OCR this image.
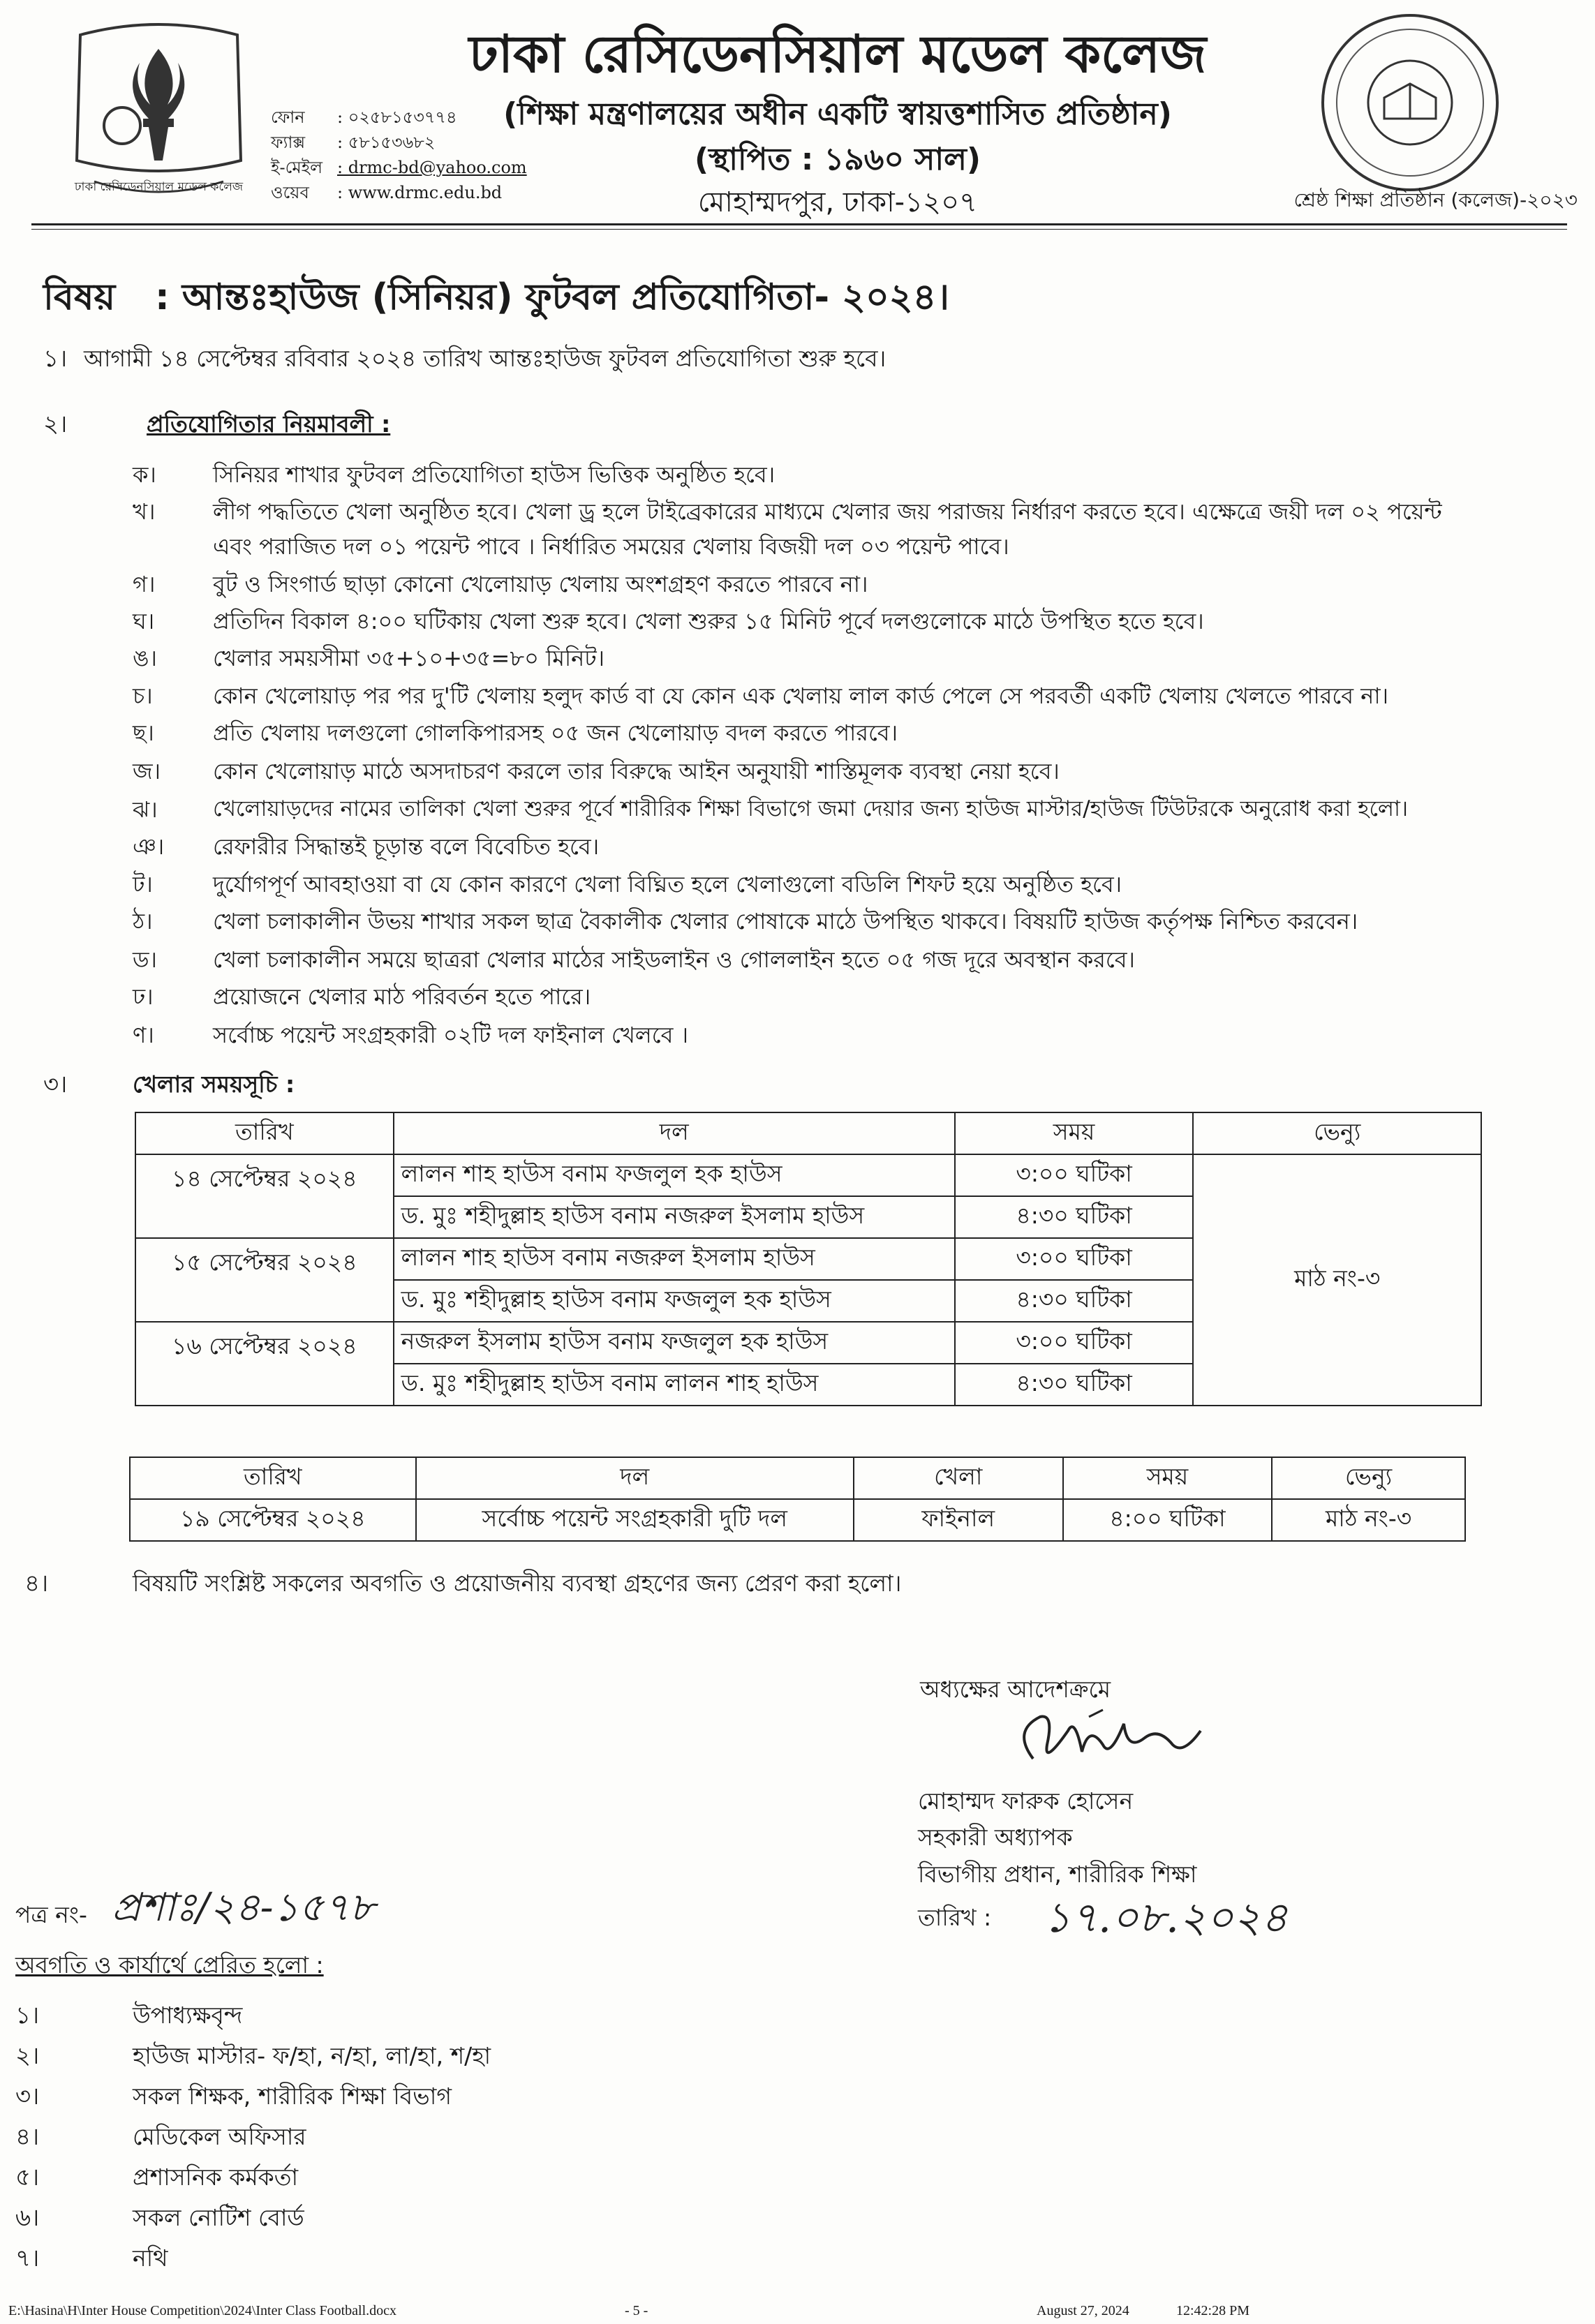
ঢাকা রেসিডেনসিয়াল মডেল কলেজ
ঢাকা রেসিডেনসিয়াল মডেল কলেজ
(শিক্ষা মন্ত্রণালয়ের অধীন একটি স্বায়ত্তশাসিত প্রতিষ্ঠান)
(স্থাপিত : ১৯৬০ সাল)
মোহাম্মদপুর, ঢাকা-১২০৭
ফোন	: ০২৫৮১৫৩৭৭৪
ফ্যাক্স	: ৫৮১৫৩৬৮২
ই-মেইল : drmc-bd@yahoo.com
ওয়েব	: www.drmc.edu.bd	শ্রেষ্ঠ শিক্ষা প্রতিষ্ঠান (কলেজ)-২০২৩
বিষয় : আন্তঃহাউজ (সিনিয়র) ফুটবল প্রতিযোগিতা- ২০২৪।
১। আগামী ১৪ সেপ্টেম্বর রবিবার ২০২৪ তারিখ আন্তঃহাউজ ফুটবল প্রতিযোগিতা শুরু হবে।
২।	প্রতিযোগিতার নিয়মাবলী :
ক।	সিনিয়র শাখার ফুটবল প্রতিযোগিতা হাউস ভিত্তিক অনুষ্ঠিত হবে।
খ।	লীগ পদ্ধতিতে খেলা অনুষ্ঠিত হবে। খেলা ড্র হলে টাইব্রেকারের মাধ্যমে খেলার জয় পরাজয় নির্ধারণ করতে হবে। এক্ষেত্রে জয়ী দল ০২ পয়েন্ট
এবং পরাজিত দল ০১ পয়েন্ট পাবে । নির্ধারিত সময়ের খেলায় বিজয়ী দল ০৩ পয়েন্ট পাবে।
গ।	বুট ও সিংগার্ড ছাড়া কোনো খেলোয়াড় খেলায় অংশগ্রহণ করতে পারবে না।
ঘ।	প্রতিদিন বিকাল ৪:০০ ঘটিকায় খেলা শুরু হবে। খেলা শুরুর ১৫ মিনিট পূর্বে দলগুলোকে মাঠে উপস্থিত হতে হবে।
ঙ।	খেলার সময়সীমা ৩৫+১০+৩৫=৮০ মিনিট।
চ।	কোন খেলোয়াড় পর পর দু'টি খেলায় হলুদ কার্ড বা যে কোন এক খেলায় লাল কার্ড পেলে সে পরবর্তী একটি খেলায় খেলতে পারবে না।
ছ।	প্রতি খেলায় দলগুলো গোলকিপারসহ ০৫ জন খেলোয়াড় বদল করতে পারবে।
জ। কোন খেলোয়াড় মাঠে অসদাচরণ করলে তার বিরুদ্ধে আইন অনুযায়ী শাস্তিমূলক ব্যবস্থা নেয়া হবে।
ঝ।	খেলোয়াড়দের নামের তালিকা খেলা শুরুর পূর্বে শারীরিক শিক্ষা বিভাগে জমা দেয়ার জন্য হাউজ মাস্টার/হাউজ টিউটরকে অনুরোধ করা হলো।
ঞ। রেফারীর সিদ্ধান্তই চূড়ান্ত বলে বিবেচিত হবে।
ট।	দুর্যোগপূর্ণ আবহাওয়া বা যে কোন কারণে খেলা বিঘ্নিত হলে খেলাগুলো বডিলি শিফট হয়ে অনুষ্ঠিত হবে।
ঠ।	খেলা চলাকালীন উভয় শাখার সকল ছাত্র বৈকালীক খেলার পোষাকে মাঠে উপস্থিত থাকবে। বিষয়টি হাউজ কর্তৃপক্ষ নিশ্চিত করবেন।
ড।	খেলা চলাকালীন সময়ে ছাত্ররা খেলার মাঠের সাইডলাইন ও গোললাইন হতে ০৫ গজ দূরে অবস্থান করবে।
ঢ।	প্রয়োজনে খেলার মাঠ পরিবর্তন হতে পারে।
ণ।	সর্বোচ্চ পয়েন্ট সংগ্রহকারী ০২টি দল ফাইনাল খেলবে ।
৩।	খেলার সময়সূচি :
তারিখ	দল	সময়	ভেন্যু
১৪ সেপ্টেম্বর ২০২৪	লালন শাহ হাউস বনাম ফজলুল হক হাউস	৩:০০ ঘটিকা	মাঠ নং-৩
	ড. মুঃ শহীদুল্লাহ হাউস বনাম নজরুল ইসলাম হাউস	৪:৩০ ঘটিকা	
১৫ সেপ্টেম্বর ২০২৪	লালন শাহ হাউস বনাম নজরুল ইসলাম হাউস	৩:০০ ঘটিকা	
	ড. মুঃ শহীদুল্লাহ হাউস বনাম ফজলুল হক হাউস	৪:৩০ ঘটিকা	
১৬ সেপ্টেম্বর ২০২৪	নজরুল ইসলাম হাউস বনাম ফজলুল হক হাউস	৩:০০ ঘটিকা	
	ড. মুঃ শহীদুল্লাহ হাউস বনাম লালন শাহ হাউস	৪:৩০ ঘটিকা	
তারিখ	দল	খেলা	সময়	ভেন্যু
১৯ সেপ্টেম্বর ২০২৪	সর্বোচ্চ পয়েন্ট সংগ্রহকারী দুটি দল	ফাইনাল	৪:০০ ঘটিকা	মাঠ নং-৩
৪।	বিষয়টি সংশ্লিষ্ট সকলের অবগতি ও প্রয়োজনীয় ব্যবস্থা গ্রহণের জন্য প্রেরণ করা হলো।
অধ্যক্ষের আদেশক্রমে
মোহাম্মদ ফারুক হোসেন
সহকারী অধ্যাপক
বিভাগীয় প্রধান, শারীরিক শিক্ষা
তারিখ : ১৭.০৮.২০২৪
পত্র নং- প্রশাঃ/২৪-১৫৭৮
অবগতি ও কার্যার্থে প্রেরিত হলো :
১।	উপাধ্যক্ষবৃন্দ
২।	হাউজ মাস্টার- ফ/হা, ন/হা, লা/হা, শ/হা
৩।	সকল শিক্ষক, শারীরিক শিক্ষা বিভাগ
৪।	মেডিকেল অফিসার
৫।	প্রশাসনিক কর্মকর্তা
৬।	সকল নোটিশ বোর্ড
৭।	নথি
E:\Hasina\H\Inter House Competition\2024\Inter Class Football.docx	- 5 -	August 27, 2024	12:42:28 PM
